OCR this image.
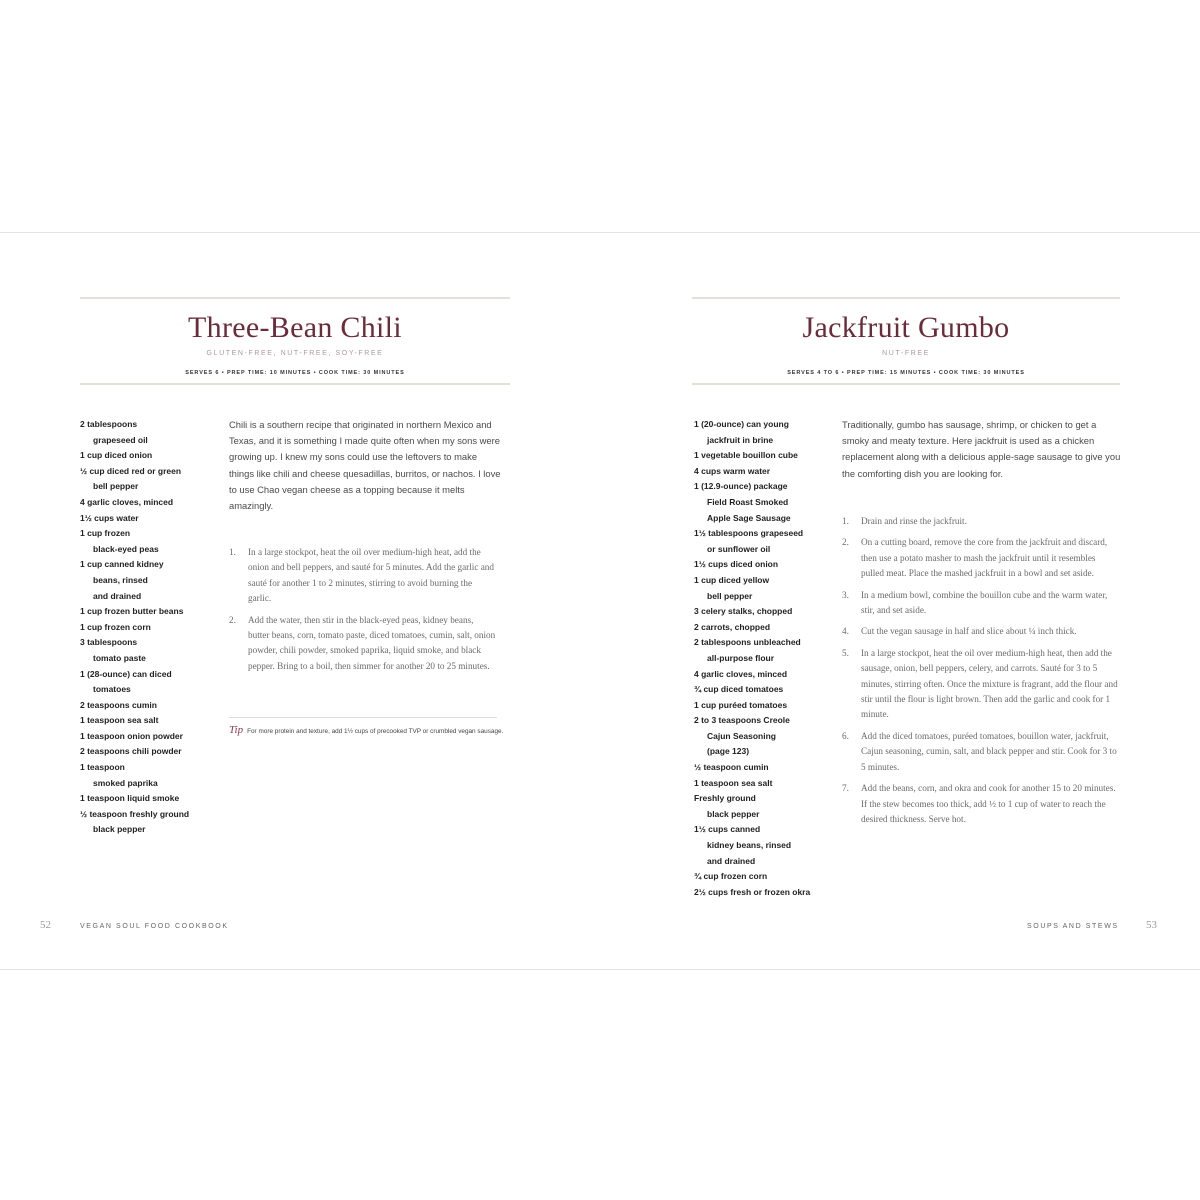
Three-Bean Chili
GLUTEN-FREE, NUT-FREE, SOY-FREE
SERVES 6 • PREP TIME: 10 MINUTES • COOK TIME: 30 MINUTES
2 tablespoons
grapeseed oil
1 cup diced onion
½ cup diced red or green
bell pepper
4 garlic cloves, minced
1½ cups water
1 cup frozen
black-eyed peas
1 cup canned kidney
beans, rinsed
and drained
1 cup frozen butter beans
1 cup frozen corn
3 tablespoons
tomato paste
1 (28-ounce) can diced
tomatoes
2 teaspoons cumin
1 teaspoon sea salt
1 teaspoon onion powder
2 teaspoons chili powder
1 teaspoon
smoked paprika
1 teaspoon liquid smoke
½ teaspoon freshly ground
black pepper

Chili is a southern recipe that originated in northern Mexico and Texas, and it is something I made quite often when my sons were growing up. I knew my sons could use the leftovers to make things like chili and cheese quesadillas, burritos, or nachos. I love to use Chao vegan cheese as a topping because it melts amazingly.

1. In a large stockpot, heat the oil over medium-high heat, add the onion and bell peppers, and sauté for 5 minutes. Add the garlic and sauté for another 1 to 2 minutes, stirring to avoid burning the garlic.
2. Add the water, then stir in the black-eyed peas, kidney beans, butter beans, corn, tomato paste, diced tomatoes, cumin, salt, onion powder, chili powder, smoked paprika, liquid smoke, and black pepper. Bring to a boil, then simmer for another 20 to 25 minutes.

Tip For more protein and texture, add 1½ cups of precooked TVP or crumbled vegan sausage.

52	VEGAN SOUL FOOD COOKBOOK
Jackfruit Gumbo
NUT-FREE
SERVES 4 TO 6 • PREP TIME: 15 MINUTES • COOK TIME: 30 MINUTES
1 (20-ounce) can young
jackfruit in brine
1 vegetable bouillon cube
4 cups warm water
1 (12.9-ounce) package
Field Roast Smoked
Apple Sage Sausage
1½ tablespoons grapeseed
or sunflower oil
1½ cups diced onion
1 cup diced yellow
bell pepper
3 celery stalks, chopped
2 carrots, chopped
2 tablespoons unbleached
all-purpose flour
4 garlic cloves, minced
¾ cup diced tomatoes
1 cup puréed tomatoes
2 to 3 teaspoons Creole
Cajun Seasoning
(page 123)
½ teaspoon cumin
1 teaspoon sea salt
Freshly ground
black pepper
1½ cups canned
kidney beans, rinsed
and drained
¾ cup frozen corn
2½ cups fresh or frozen okra

Traditionally, gumbo has sausage, shrimp, or chicken to get a smoky and meaty texture. Here jackfruit is used as a chicken replacement along with a delicious apple-sage sausage to give you the comforting dish you are looking for.

1. Drain and rinse the jackfruit.
2. On a cutting board, remove the core from the jackfruit and discard, then use a potato masher to mash the jackfruit until it resembles pulled meat. Place the mashed jackfruit in a bowl and set aside.
3. In a medium bowl, combine the bouillon cube and the warm water, stir, and set aside.
4. Cut the vegan sausage in half and slice about ¼ inch thick.
5. In a large stockpot, heat the oil over medium-high heat, then add the sausage, onion, bell peppers, celery, and carrots. Sauté for 3 to 5 minutes, stirring often. Once the mixture is fragrant, add the flour and stir until the flour is light brown. Then add the garlic and cook for 1 minute.
6. Add the diced tomatoes, puréed tomatoes, bouillon water, jackfruit, Cajun seasoning, cumin, salt, and black pepper and stir. Cook for 3 to 5 minutes.
7. Add the beans, corn, and okra and cook for another 15 to 20 minutes. If the stew becomes too thick, add ½ to 1 cup of water to reach the desired thickness. Serve hot.
SOUPS AND STEWS 53
